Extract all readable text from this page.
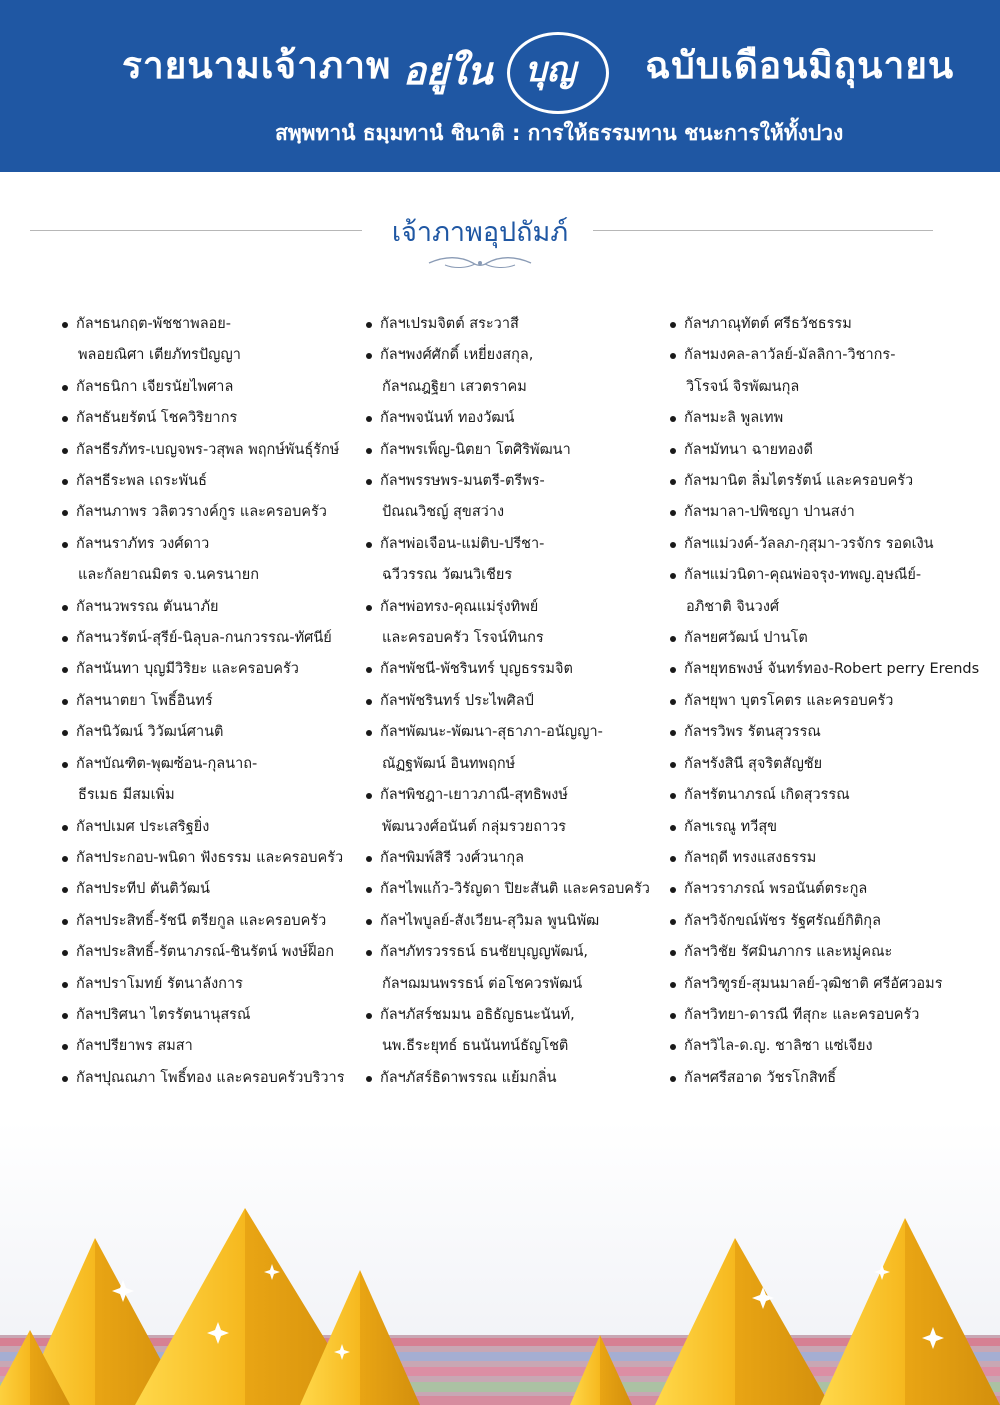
รายนามเจ้าภาพ อยู่ใน บุญ ฉบับเดือนมิถุนายน
สพฺพทานํ ธมฺมทานํ ชินาติ : การให้ธรรมทาน ชนะการให้ทั้งปวง
เจ้าภาพอุปถัมภ์
กัลฯธนกฤต-พัชชาพลอย-
พลอยณิศา เตียภัทรปัญญา
กัลฯธนิกา เจียรนัยไพศาล
กัลฯธันยรัตน์ โชควิริยากร
กัลฯธีรภัทร-เบญจพร-วสุพล พฤกษ์พันธุ์รักษ์
กัลฯธีระพล เถระพันธ์
กัลฯนภาพร วลิตวรางค์กูร และครอบครัว
กัลฯนราภัทร วงศ์ดาว
และกัลยาณมิตร จ.นครนายก
กัลฯนวพรรณ ตันนาภัย
กัลฯนวรัตน์-สุรีย์-นิลุบล-กนกวรรณ-ทัศนีย์
กัลฯนันทา บุญมีวิริยะ และครอบครัว
กัลฯนาตยา โพธิ์อินทร์
กัลฯนิวัฒน์ วิวัฒน์ศานติ
กัลฯบัณฑิต-พุฒซ้อน-กุลนาถ-
ธีรเมธ มีสมเพิ่ม
กัลฯปเมศ ประเสริฐยิ่ง
กัลฯประกอบ-พนิดา ฟังธรรม และครอบครัว
กัลฯประทีป ตันติวัฒน์
กัลฯประสิทธิ์-รัชนี ตรียกูล และครอบครัว
กัลฯประสิทธิ์-รัตนาภรณ์-ชินรัตน์ พงษ์ฝ็อก
กัลฯปราโมทย์ รัตนาลังการ
กัลฯปริศนา ไตรรัตนานุสรณ์
กัลฯปรียาพร สมสา
กัลฯปุณณภา โพธิ์ทอง และครอบครัวบริวาร
กัลฯเปรมจิตต์ สระวาสี
กัลฯพงศ์ศักดิ์ เหยี่ยงสกุล,
กัลฯณฎฐิยา เสวตราคม
กัลฯพจนันท์ ทองวัฒน์
กัลฯพรเพ็ญ-นิตยา โตศิริพัฒนา
กัลฯพรรษพร-มนตรี-ตรีพร-
ปัณณวิชญ์ สุขสว่าง
กัลฯพ่อเจือน-แม่ติบ-ปรีชา-
ฉวีวรรณ วัฒนวิเชียร
กัลฯพ่อทรง-คุณแม่รุ่งทิพย์
และครอบครัว โรจน์ทินกร
กัลฯพัชนี-พัชรินทร์ บุญธรรมจิต
กัลฯพัชรินทร์ ประไพศิลป์
กัลฯพัฒนะ-พัฒนา-สุธาภา-อนัญญา-
ณัฏฐพัฒน์ อินทพฤกษ์
กัลฯพิชฎา-เยาวภาณี-สุทธิพงษ์
พัฒนวงศ์อนันต์ กลุ่มรวยถาวร
กัลฯพิมพ์สิรี วงศ์วนากุล
กัลฯไพแก้ว-วิรัญดา ปิยะสันติ และครอบครัว
กัลฯไพบูลย์-สังเวียน-สุวิมล พูนนิพัฒ
กัลฯภัทรวรรธน์ ธนชัยบุญญพัฒน์,
กัลฯฌมนพรรธน์ ต่อโชควรพัฒน์
กัลฯภัสร์ชมมน อธิธัญธนะนันท์,
นพ.ธีระยุทธ์ ธนนันทน์ธัญโชติ
กัลฯภัสร์ธิดาพรรณ แย้มกลิ่น
กัลฯภาณุทัตต์ ศรีธวัชธรรม
กัลฯมงคล-ลาวัลย์-มัลลิกา-วิชากร-
วิโรจน์ จิรพัฒนกุล
กัลฯมะลิ พูลเทพ
กัลฯมัทนา ฉายทองดี
กัลฯมานิต ลิ่มไตรรัตน์ และครอบครัว
กัลฯมาลา-ปพิชญา ปานสง่า
กัลฯแม่วงค์-วัลลภ-กุสุมา-วรจักร รอดเงิน
กัลฯแม่วนิดา-คุณพ่อจรุง-ทพญ.อุษณีย์-
อภิชาติ จินวงศ์
กัลฯยศวัฒน์ ปานโต
กัลฯยุทธพงษ์ จันทร์ทอง-Robert perry Erends
กัลฯยุพา บุตรโคตร และครอบครัว
กัลฯรวิพร รัตนสุวรรณ
กัลฯรังสินี สุจริตสัญชัย
กัลฯรัตนาภรณ์ เกิดสุวรรณ
กัลฯเรณู ทวีสุข
กัลฯฤดี ทรงแสงธรรม
กัลฯวราภรณ์ พรอนันต์ตระกูล
กัลฯวิจักขณ์พัชร รัฐศรัณย์กิติกุล
กัลฯวิชัย รัศมินภากร และหมู่คณะ
กัลฯวิฑูรย์-สุมนมาลย์-วุฒิชาติ ศรีอัศวอมร
กัลฯวิทยา-ดารณี ทีสุกะ และครอบครัว
กัลฯวิไล-ด.ญ. ชาลิซา แซ่เจียง
กัลฯศรีสอาด วัชรโกสิทธิ์
